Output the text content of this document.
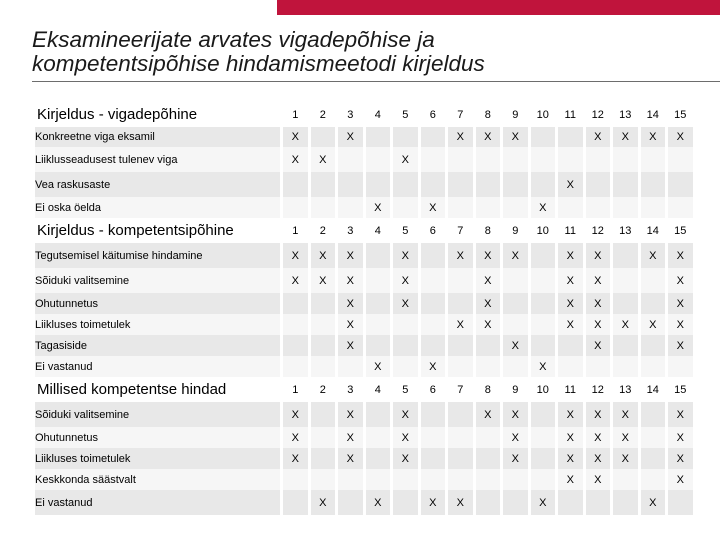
Eksamineerijate arvates vigadepõhise ja
kompetentsipõhise hindamismeetodi kirjeldus
Kirjeldus - vigadepõhine	1	2	3	4	5	6	7	8	9	10	11	12	13	14	15
Konkreetne viga eksamil	X		X				X	X	X			X	X	X	X
Liiklusseadusest tulenev viga	X	X			X										
Vea raskusaste											X				
Ei oska öelda				X		X				X					
Kirjeldus - kompetentsipõhine	1	2	3	4	5	6	7	8	9	10	11	12	13	14	15
Tegutsemisel käitumise hindamine	X	X	X		X		X	X	X		X	X		X	X
Sõiduki valitsemine	X	X	X		X			X			X	X			X
Ohutunnetus			X		X			X			X	X			X
Liikluses toimetulek			X				X	X			X	X	X	X	X
Tagasiside			X						X			X			X
Ei vastanud				X		X				X					
Millised kompetentse hindad	1	2	3	4	5	6	7	8	9	10	11	12	13	14	15
Sõiduki valitsemine	X		X		X			X	X		X	X	X		X
Ohutunnetus	X		X		X				X		X	X	X		X
Liikluses toimetulek	X		X		X				X		X	X	X		X
Keskkonda säästvalt											X	X			X
Ei vastanud		X		X		X	X			X				X	
